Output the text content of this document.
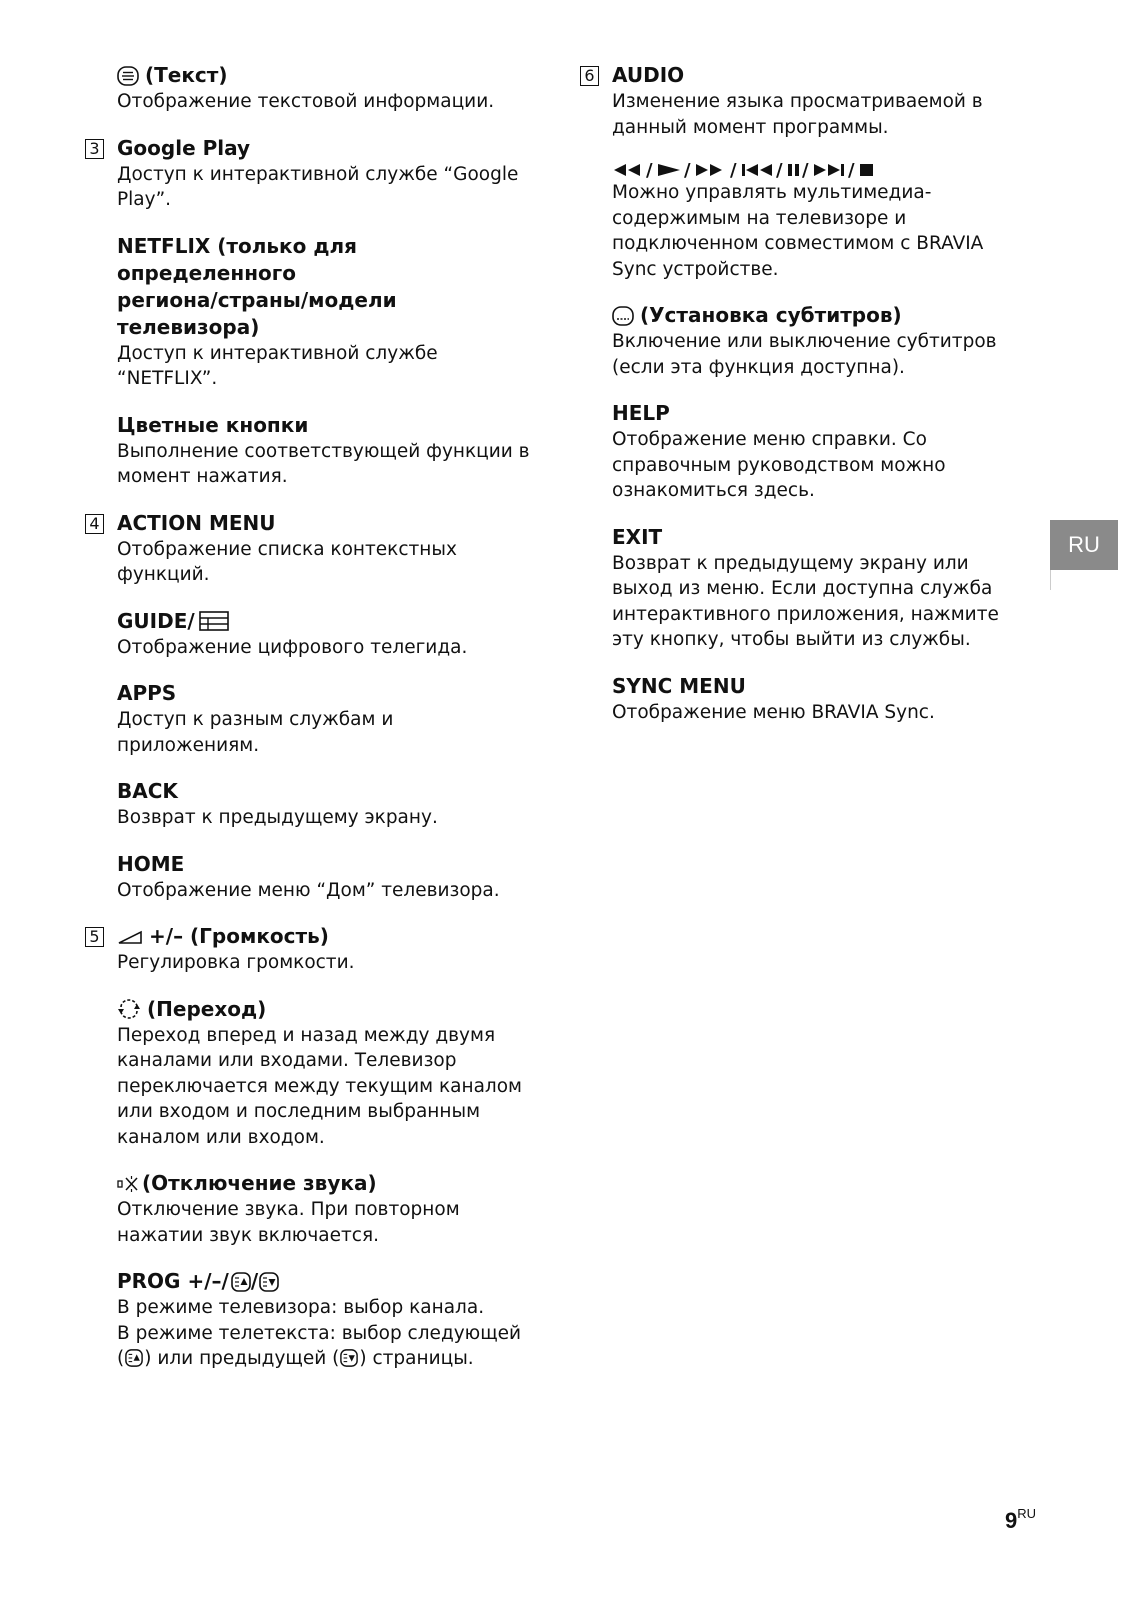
(Текст)

Отображение текстовой информации.

3 Google Play

Доступ к интерактивной службе “Google
Play”.

NETFLIX (только для определенного
региона/страны/модели
телевизора)

Доступ к интерактивной службе “NETFLIX”.

Цветные кнопки

Выполнение соответствующей функции в
момент нажатия.

4 ACTION MENU

Отображение списка контекстных
функций.

GUIDE/

Отображение цифрового телегида.

APPS

Доступ к разным службам и
приложениям.

BACK

Возврат к предыдущему экрану.

HOME

Отображение меню “Дом” телевизора.

5 +/– (Громкость)

Регулировка громкости.

(Переход)

Переход вперед и назад между двумя
каналами или входами. Телевизор
переключается между текущим каналом
или входом и последним выбранным
каналом или входом.

(Отключение звука)

Отключение звука. При повторном
нажатии звук включается.

PROG +/–/ /

В режиме телевизора: выбор канала.
В режиме телетекста: выбор следующей
( ) или предыдущей ( ) страницы.

6 AUDIO

Изменение языка просматриваемой в
данный момент программы.

/ / / / / /

Можно управлять мультимедиа-
содержимым на телевизоре и
подключенном совместимом с BRAVIA
Sync устройстве.

(Установка субтитров)

Включение или выключение субтитров
(если эта функция доступна).

HELP

Отображение меню справки. Со
справочным руководством можно
ознакомиться здесь.

EXIT

Возврат к предыдущему экрану или
выход из меню. Если доступна служба
интерактивного приложения, нажмите
эту кнопку, чтобы выйти из службы.

SYNC MENU

Отображение меню BRAVIA Sync.

RU
$9^{RU}$
